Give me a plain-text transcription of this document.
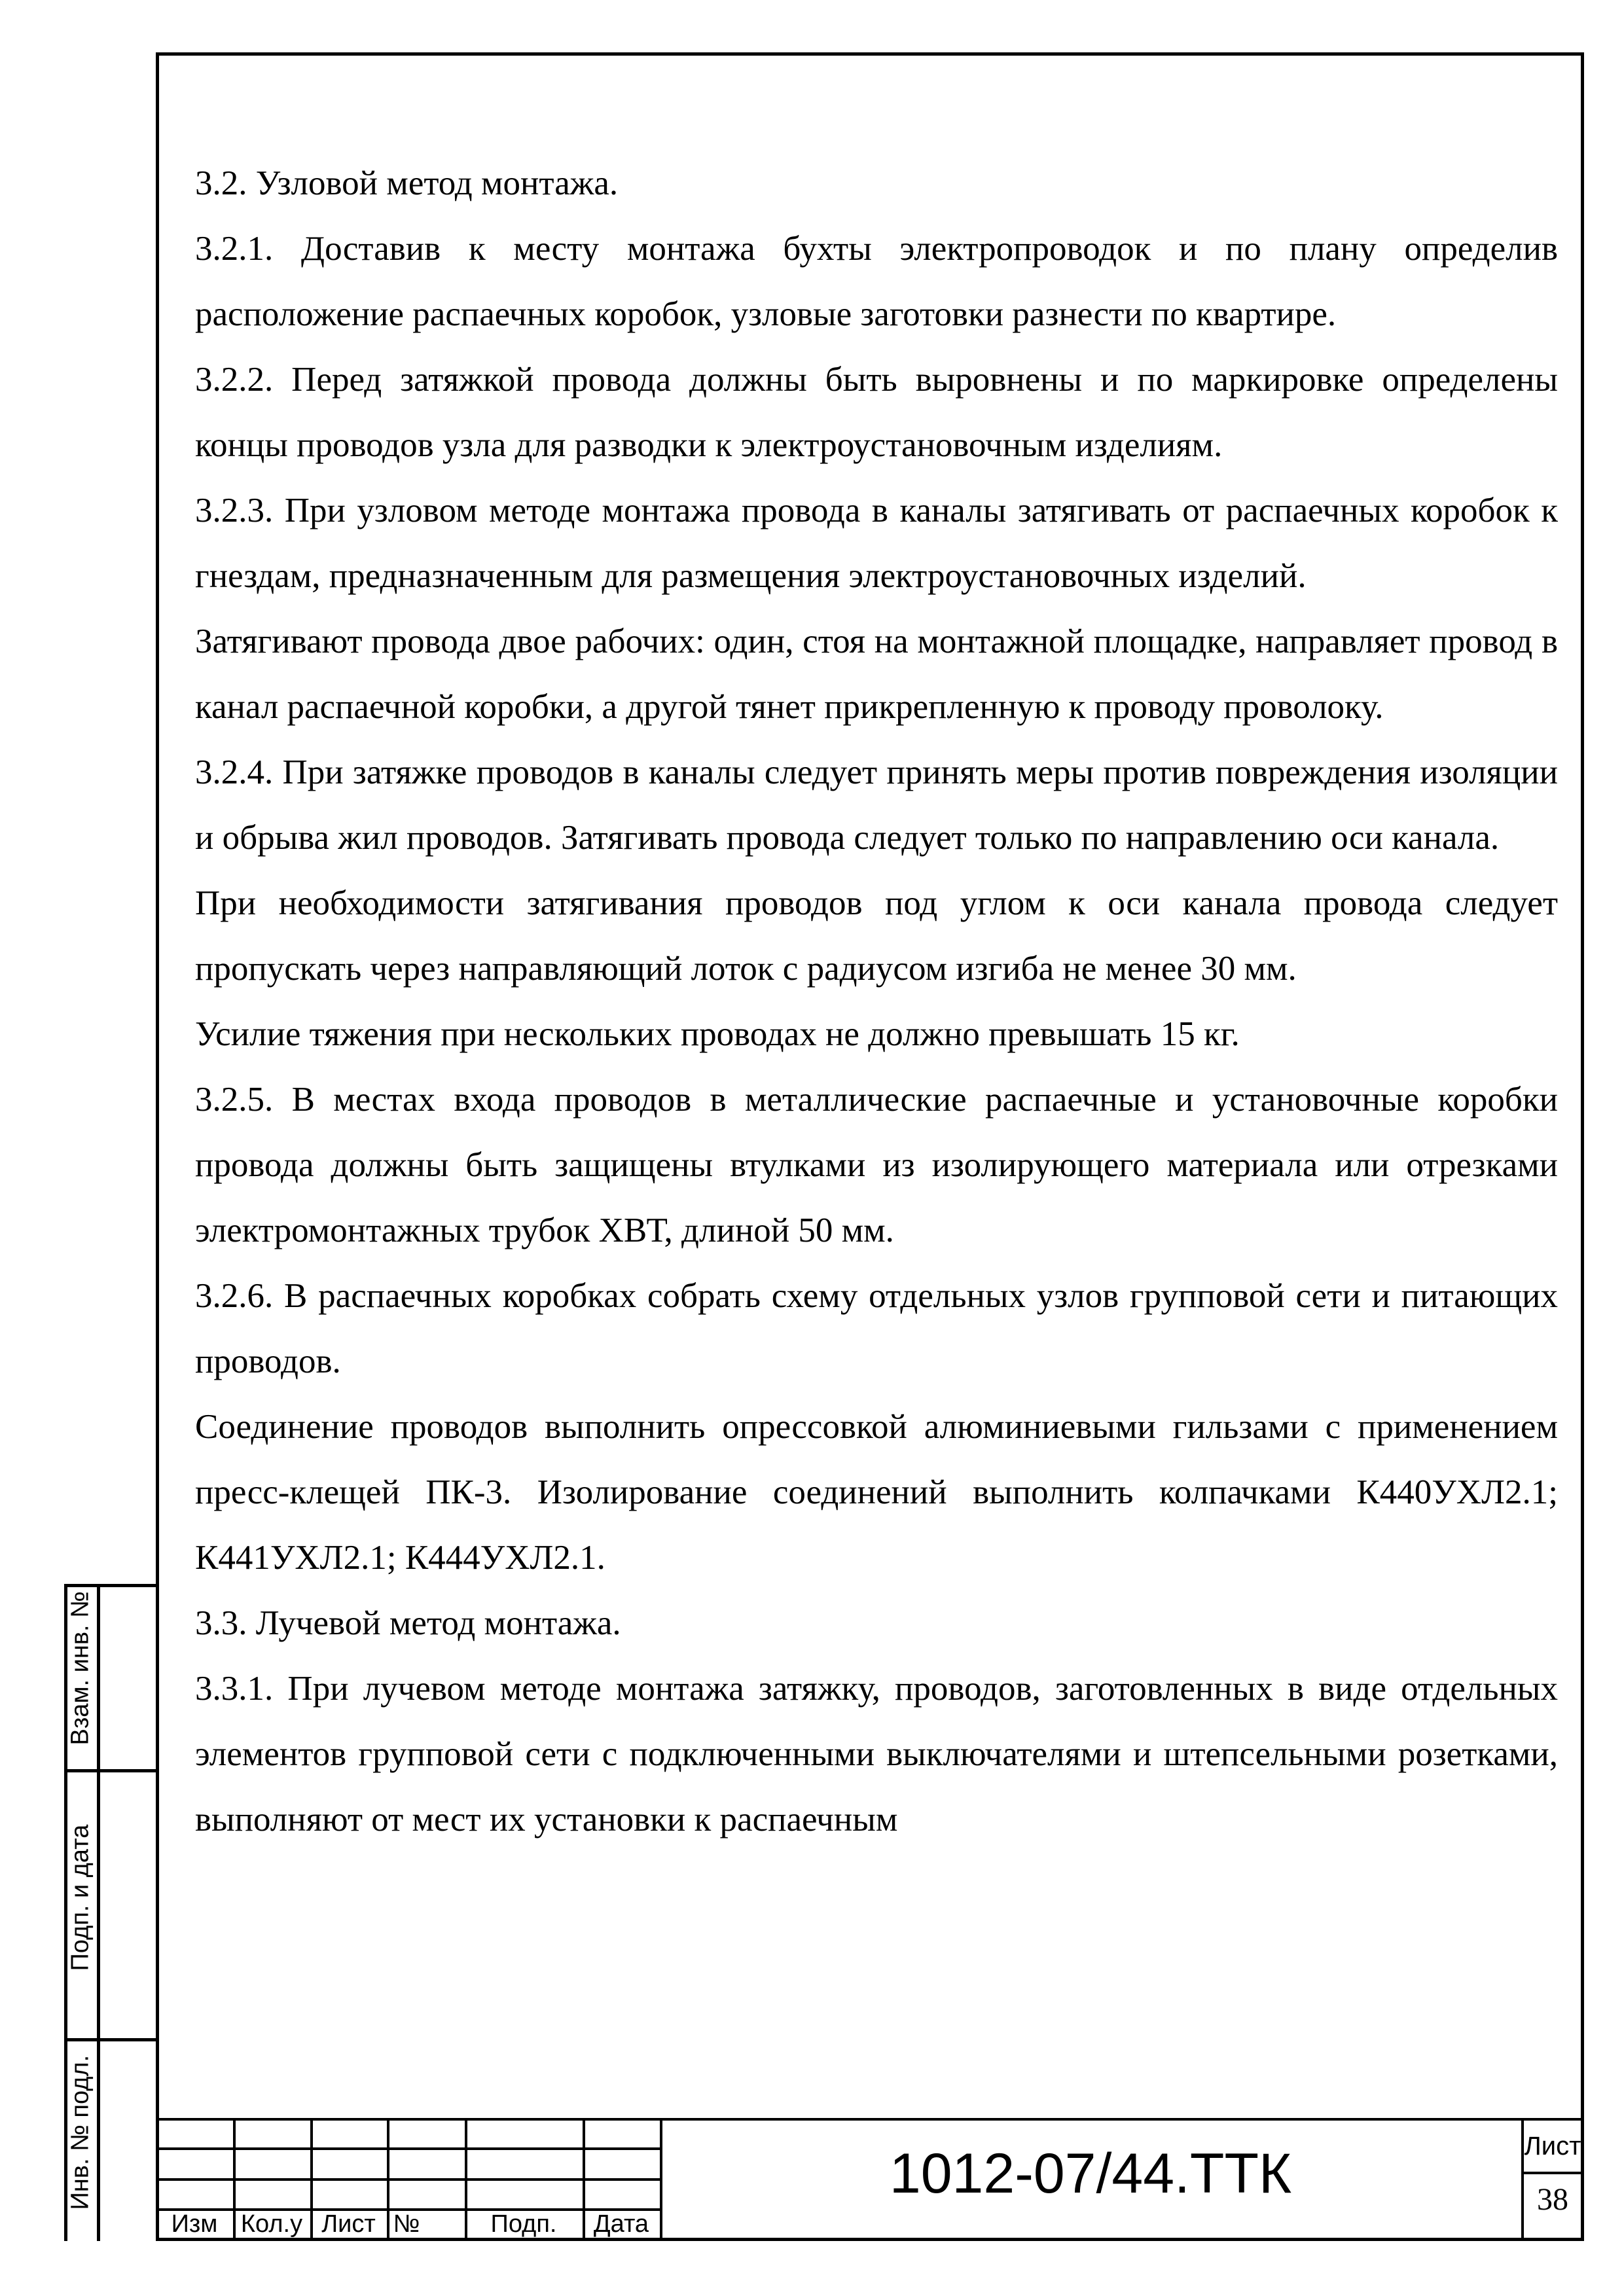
3.2. Узловой метод монтажа.

3.2.1. Доставив к месту монтажа бухты электропроводок и по плану определив расположение распаечных коробок, узловые заготовки разнести по квартире.

3.2.2. Перед затяжкой провода должны быть выровнены и по маркировке определены концы проводов узла для разводки к электроустановочным изделиям.

3.2.3. При узловом методе монтажа провода в каналы затягивать от распаечных коробок к гнездам, предназначенным для размещения электроустановочных изделий.

Затягивают провода двое рабочих: один, стоя на монтажной площадке, направляет провод в канал распаечной коробки, а другой тянет прикрепленную к проводу проволоку.

3.2.4. При затяжке проводов в каналы следует принять меры против повреждения изоляции и обрыва жил проводов. Затягивать провода следует только по направлению оси канала.

При необходимости затягивания проводов под углом к оси канала провода следует пропускать через направляющий лоток с радиусом изгиба не менее 30 мм.

Усилие тяжения при нескольких проводах не должно превышать 15 кг.

3.2.5. В местах входа проводов в металлические распаечные и установочные коробки провода должны быть защищены втулками из изолирующего материала или отрезками электромонтажных трубок ХВТ, длиной 50 мм.

3.2.6. В распаечных коробках собрать схему отдельных узлов групповой сети и питающих проводов.

Соединение проводов выполнить опрессовкой алюминиевыми гильзами с применением пресс-клещей ПК-3. Изолирование соединений выполнить колпачками К440УХЛ2.1; К441УХЛ2.1; К444УХЛ2.1.

3.3. Лучевой метод монтажа.

3.3.1. При лучевом методе монтажа затяжку, проводов, заготовленных в виде отдельных элементов групповой сети с подключенными выключателями и штепсельными розетками, выполняют от мест их установки к распаечным

Взам. инв. №
Подп. и дата
Инв. № подл.
Изм Кол.у Лист №	Подп.	Дата
1012-07/44.ТТК	Лист
38
